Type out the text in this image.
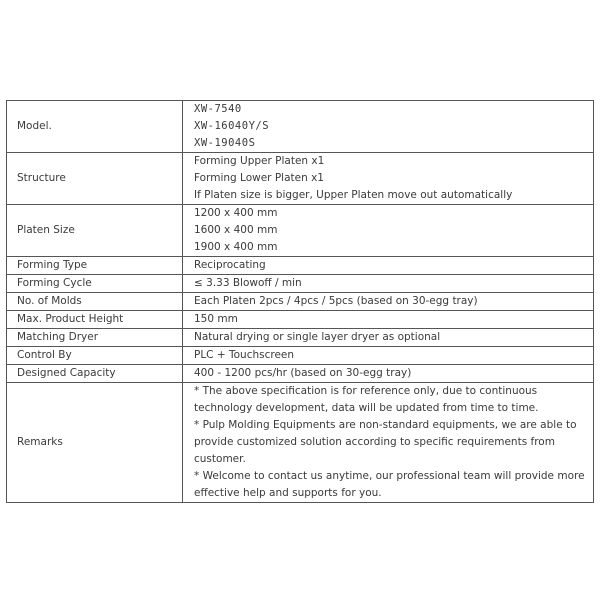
Model.	XW-7540
XW-16040Y/S
XW-19040S

Structure	Forming Upper Platen x1
Forming Lower Platen x1
If Platen size is bigger, Upper Platen move out automatically

Platen Size	1200 x 400 mm
1600 x 400 mm
1900 x 400 mm

Forming Type	Reciprocating
Forming Cycle	≤ 3.33 Blowoff / min
No. of Molds	Each Platen 2pcs / 4pcs / 5pcs (based on 30-egg tray)
Max. Product Height	150 mm
Matching Dryer	Natural drying or single layer dryer as optional
Control By	PLC + Touchscreen
Designed Capacity	400 - 1200 pcs/hr (based on 30-egg tray)
Remarks	* The above specification is for reference only, due to continuous technology development, data will be updated from time to time.
* Pulp Molding Equipments are non-standard equipments, we are able to provide customized solution according to specific requirements from customer.
* Welcome to contact us anytime, our professional team will provide more effective help and supports for you.
